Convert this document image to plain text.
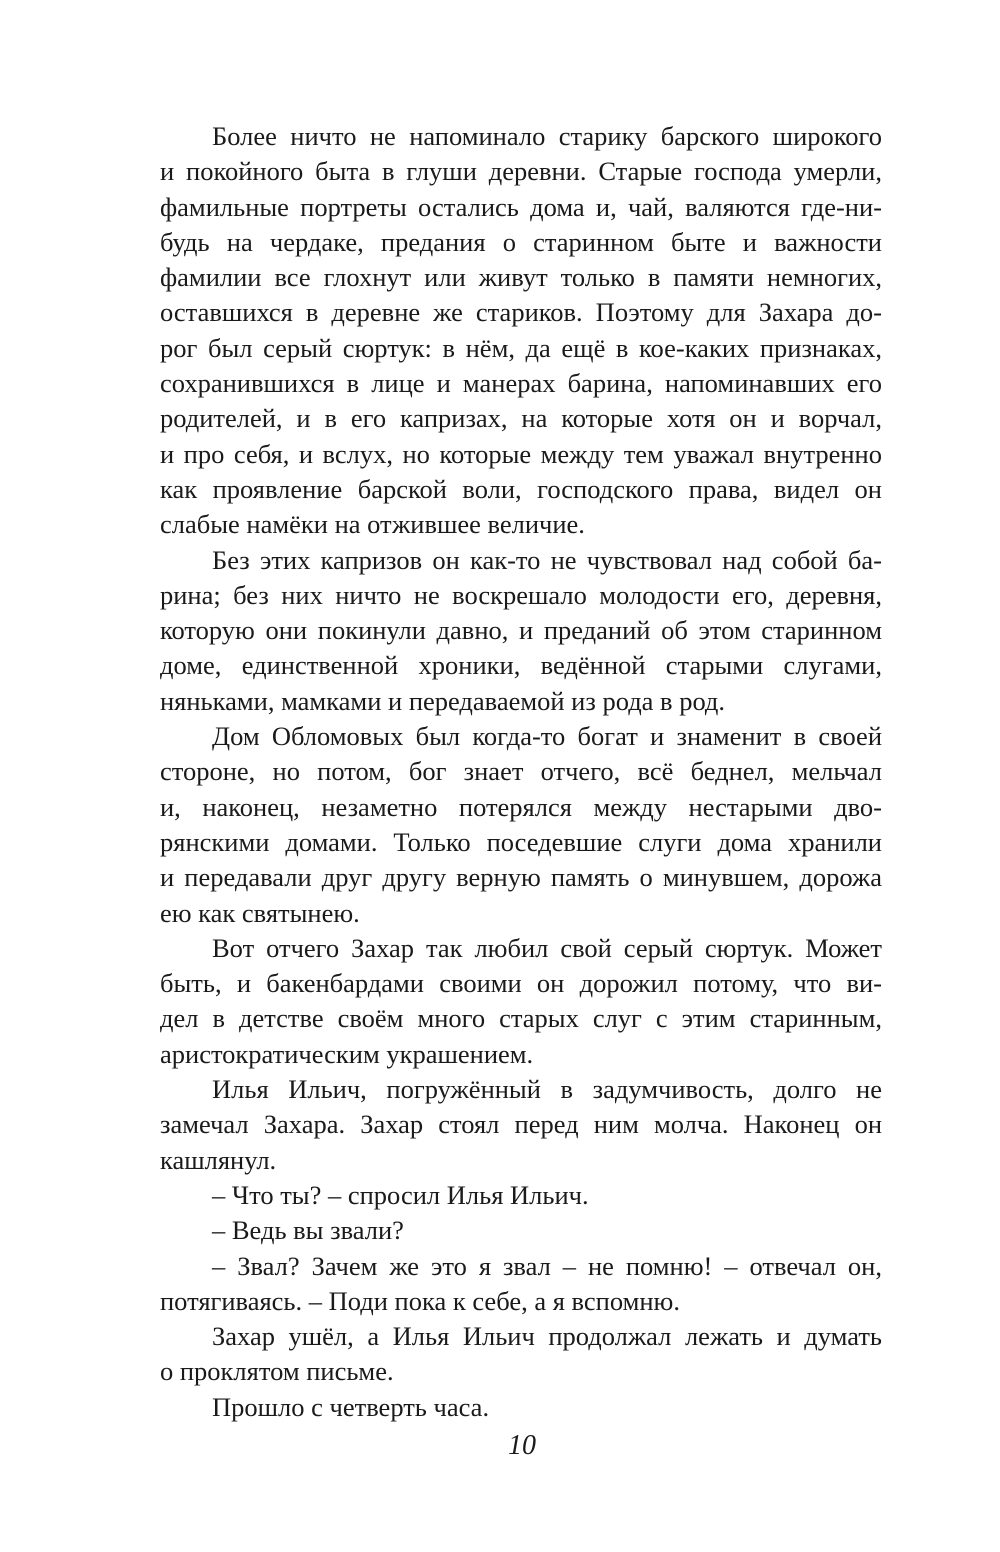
Более ничто не напоминало старику барского широкого
и покойного быта в глуши деревни. Старые господа умерли,
фамильные портреты остались дома и, чай, валяются где-ни-
будь на чердаке, предания о старинном быте и важности
фамилии все глохнут или живут только в памяти немногих,
оставшихся в деревне же стариков. Поэтому для Захара до-
рог был серый сюртук: в нём, да ещё в кое-каких признаках,
сохранившихся в лице и манерах барина, напоминавших его
родителей, и в его капризах, на которые хотя он и ворчал,
и про себя, и вслух, но которые между тем уважал внутренно
как проявление барской воли, господского права, видел он
слабые намёки на отжившее величие.
Без этих капризов он как-то не чувствовал над собой ба-
рина; без них ничто не воскрешало молодости его, деревня,
которую они покинули давно, и преданий об этом старинном
доме, единственной хроники, ведённой старыми слугами,
няньками, мамками и передаваемой из рода в род.
Дом Обломовых был когда-то богат и знаменит в своей
стороне, но потом, бог знает отчего, всё беднел, мельчал
и, наконец, незаметно потерялся между нестарыми дво-
рянскими домами. Только поседевшие слуги дома хранили
и передавали друг другу верную память о минувшем, дорожа
ею как святынею.
Вот отчего Захар так любил свой серый сюртук. Может
быть, и бакенбардами своими он дорожил потому, что ви-
дел в детстве своём много старых слуг с этим старинным,
аристократическим украшением.
Илья Ильич, погружённый в задумчивость, долго не
замечал Захара. Захар стоял перед ним молча. Наконец он
кашлянул.
– Что ты? – спросил Илья Ильич.
– Ведь вы звали?
– Звал? Зачем же это я звал – не помню! – отвечал он,
потягиваясь. – Поди пока к себе, а я вспомню.
Захар ушёл, а Илья Ильич продолжал лежать и думать
о проклятом письме.
Прошло с четверть часа.
10
